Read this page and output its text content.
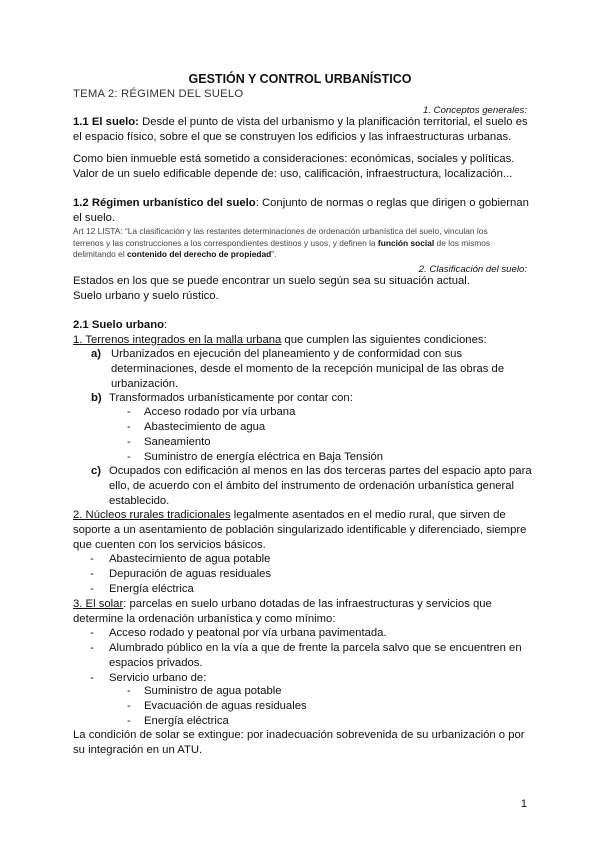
GESTIÓN Y CONTROL URBANÍSTICO
TEMA 2: RÉGIMEN DEL SUELO
1. Conceptos generales:
1.1 El suelo: Desde el punto de vista del urbanismo y la planificación territorial, el suelo es
el espacio físico, sobre el que se construyen los edificios y las infraestructuras urbanas.
Como bien inmueble está sometido a consideraciones: económicas, sociales y políticas.
Valor de un suelo edificable depende de: uso, calificación, infraestructura, localización...
1.2 Régimen urbanístico del suelo: Conjunto de normas o reglas que dirigen o gobiernan
el suelo.
Art 12 LISTA: “La clasificación y las restantes determinaciones de ordenación urbanística del suelo, vinculan los
terrenos y las construcciones a los correspondientes destinos y usos, y definen la función social de los mismos
delimitando el contenido del derecho de propiedad”.
2. Clasificación del suelo:
Estados en los que se puede encontrar un suelo según sea su situación actual.
Suelo urbano y suelo rústico.
2.1 Suelo urbano:
1. Terrenos integrados en la malla urbana que cumplen las siguientes condiciones:
a) Urbanizados en ejecución del planeamiento y de conformidad con sus
determinaciones, desde el momento de la recepción municipal de las obras de
urbanización.
b) Transformados urbanísticamente por contar con:
- Acceso rodado por vía urbana
- Abastecimiento de agua
- Saneamiento
- Suministro de energía eléctrica en Baja Tensión
c) Ocupados con edificación al menos en las dos terceras partes del espacio apto para
ello, de acuerdo con el ámbito del instrumento de ordenación urbanística general
establecido.
2. Núcleos rurales tradicionales legalmente asentados en el medio rural, que sirven de
soporte a un asentamiento de población singularizado identificable y diferenciado, siempre
que cuenten con los servicios básicos.
- Abastecimiento de agua potable
- Depuración de aguas residuales
- Energía eléctrica
3. El solar: parcelas en suelo urbano dotadas de las infraestructuras y servicios que
determine la ordenación urbanística y como mínimo:
- Acceso rodado y peatonal por vía urbana pavimentada.
- Alumbrado público en la vía a que de frente la parcela salvo que se encuentren en
espacios privados.
- Servicio urbano de:
- Suministro de agua potable
- Evacuación de aguas residuales
- Energía eléctrica
La condición de solar se extingue: por inadecuación sobrevenida de su urbanización o por
su integración en un ATU.
1
